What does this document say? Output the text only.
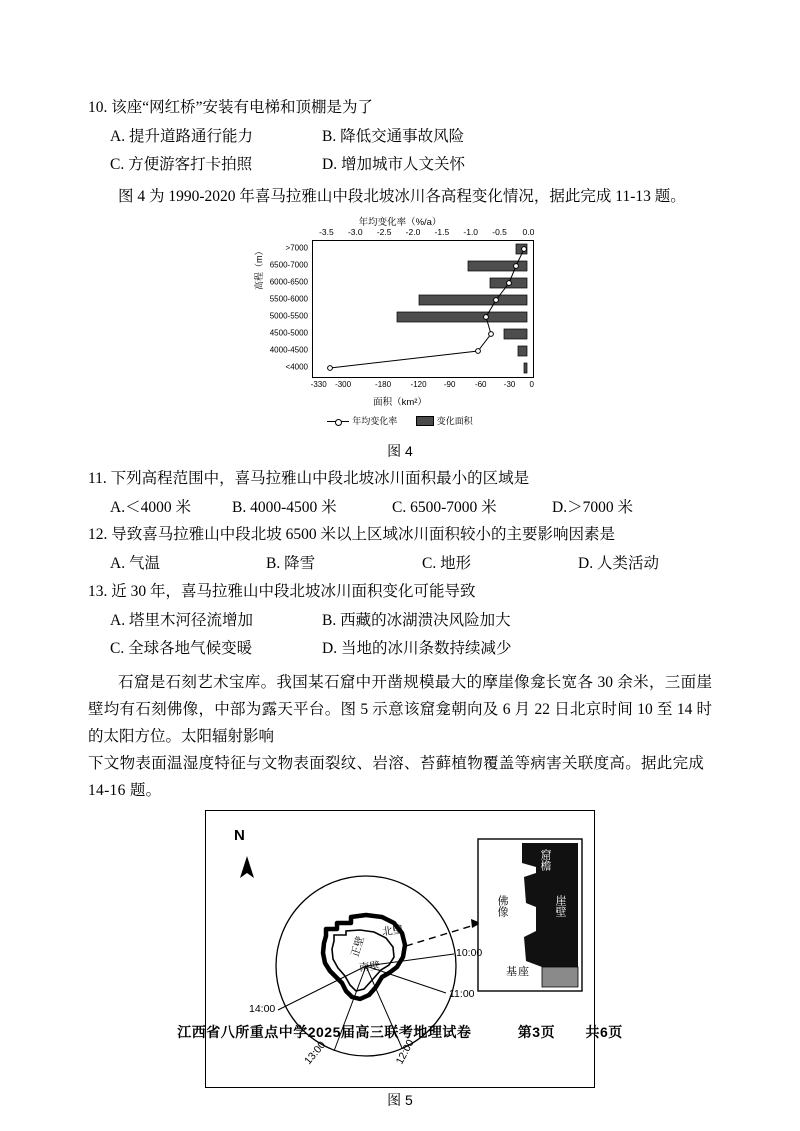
10. 该座“网红桥”安装有电梯和顶棚是为了
A. 提升道路通行能力	B. 降低交通事故风险
C. 方便游客打卡拍照	D. 增加城市人文关怀
图 4 为 1990-2020 年喜马拉雅山中段北坡冰川各高程变化情况，据此完成 11-13 题。
年均变化率（%/a）
-3.5 -3.0 -2.5 -2.0 -1.5 -1.0 -0.5 0.0
高程（m）	>7000
6500-7000
6000-6500
5500-6000
5000-5500
4500-5000
4000-4500
<4000
-330 -300	-180 -120 -90 -60 -30 0
面积（km²）
年均变化率	变化面积
图 4
11. 下列高程范围中，喜马拉雅山中段北坡冰川面积最小的区域是
A.＜4000 米	B. 4000-4500 米	C. 6500-7000 米	D.＞7000 米
12. 导致喜马拉雅山中段北坡 6500 米以上区域冰川面积较小的主要影响因素是
A. 气温	B. 降雪	C. 地形	D. 人类活动
13. 近 30 年，喜马拉雅山中段北坡冰川面积变化可能导致
A. 塔里木河径流增加	B. 西藏的冰湖溃决风险加大
C. 全球各地气候变暖	D. 当地的冰川条数持续减少
石窟是石刻艺术宝库。我国某石窟中开凿规模最大的摩崖像龛长宽各 30 余米，三面崖壁均有石刻佛像，中部为露天平台。图 5 示意该窟龛朝向及 6 月 22 日北京时间 10 至 14 时的太阳方位。太阳辐射影响
下文物表面温湿度特征与文物表面裂纹、岩溶、苔藓植物覆盖等病害关联度高。据此完成 14-16 题。
N
北壁
正壁
南壁
10:00
11:00
12:00
13:00
14:00
窟檐
佛像	崖壁
基座
图 5
江西省八所重点中学2025届高三联考地理试卷	第3页 共6页
